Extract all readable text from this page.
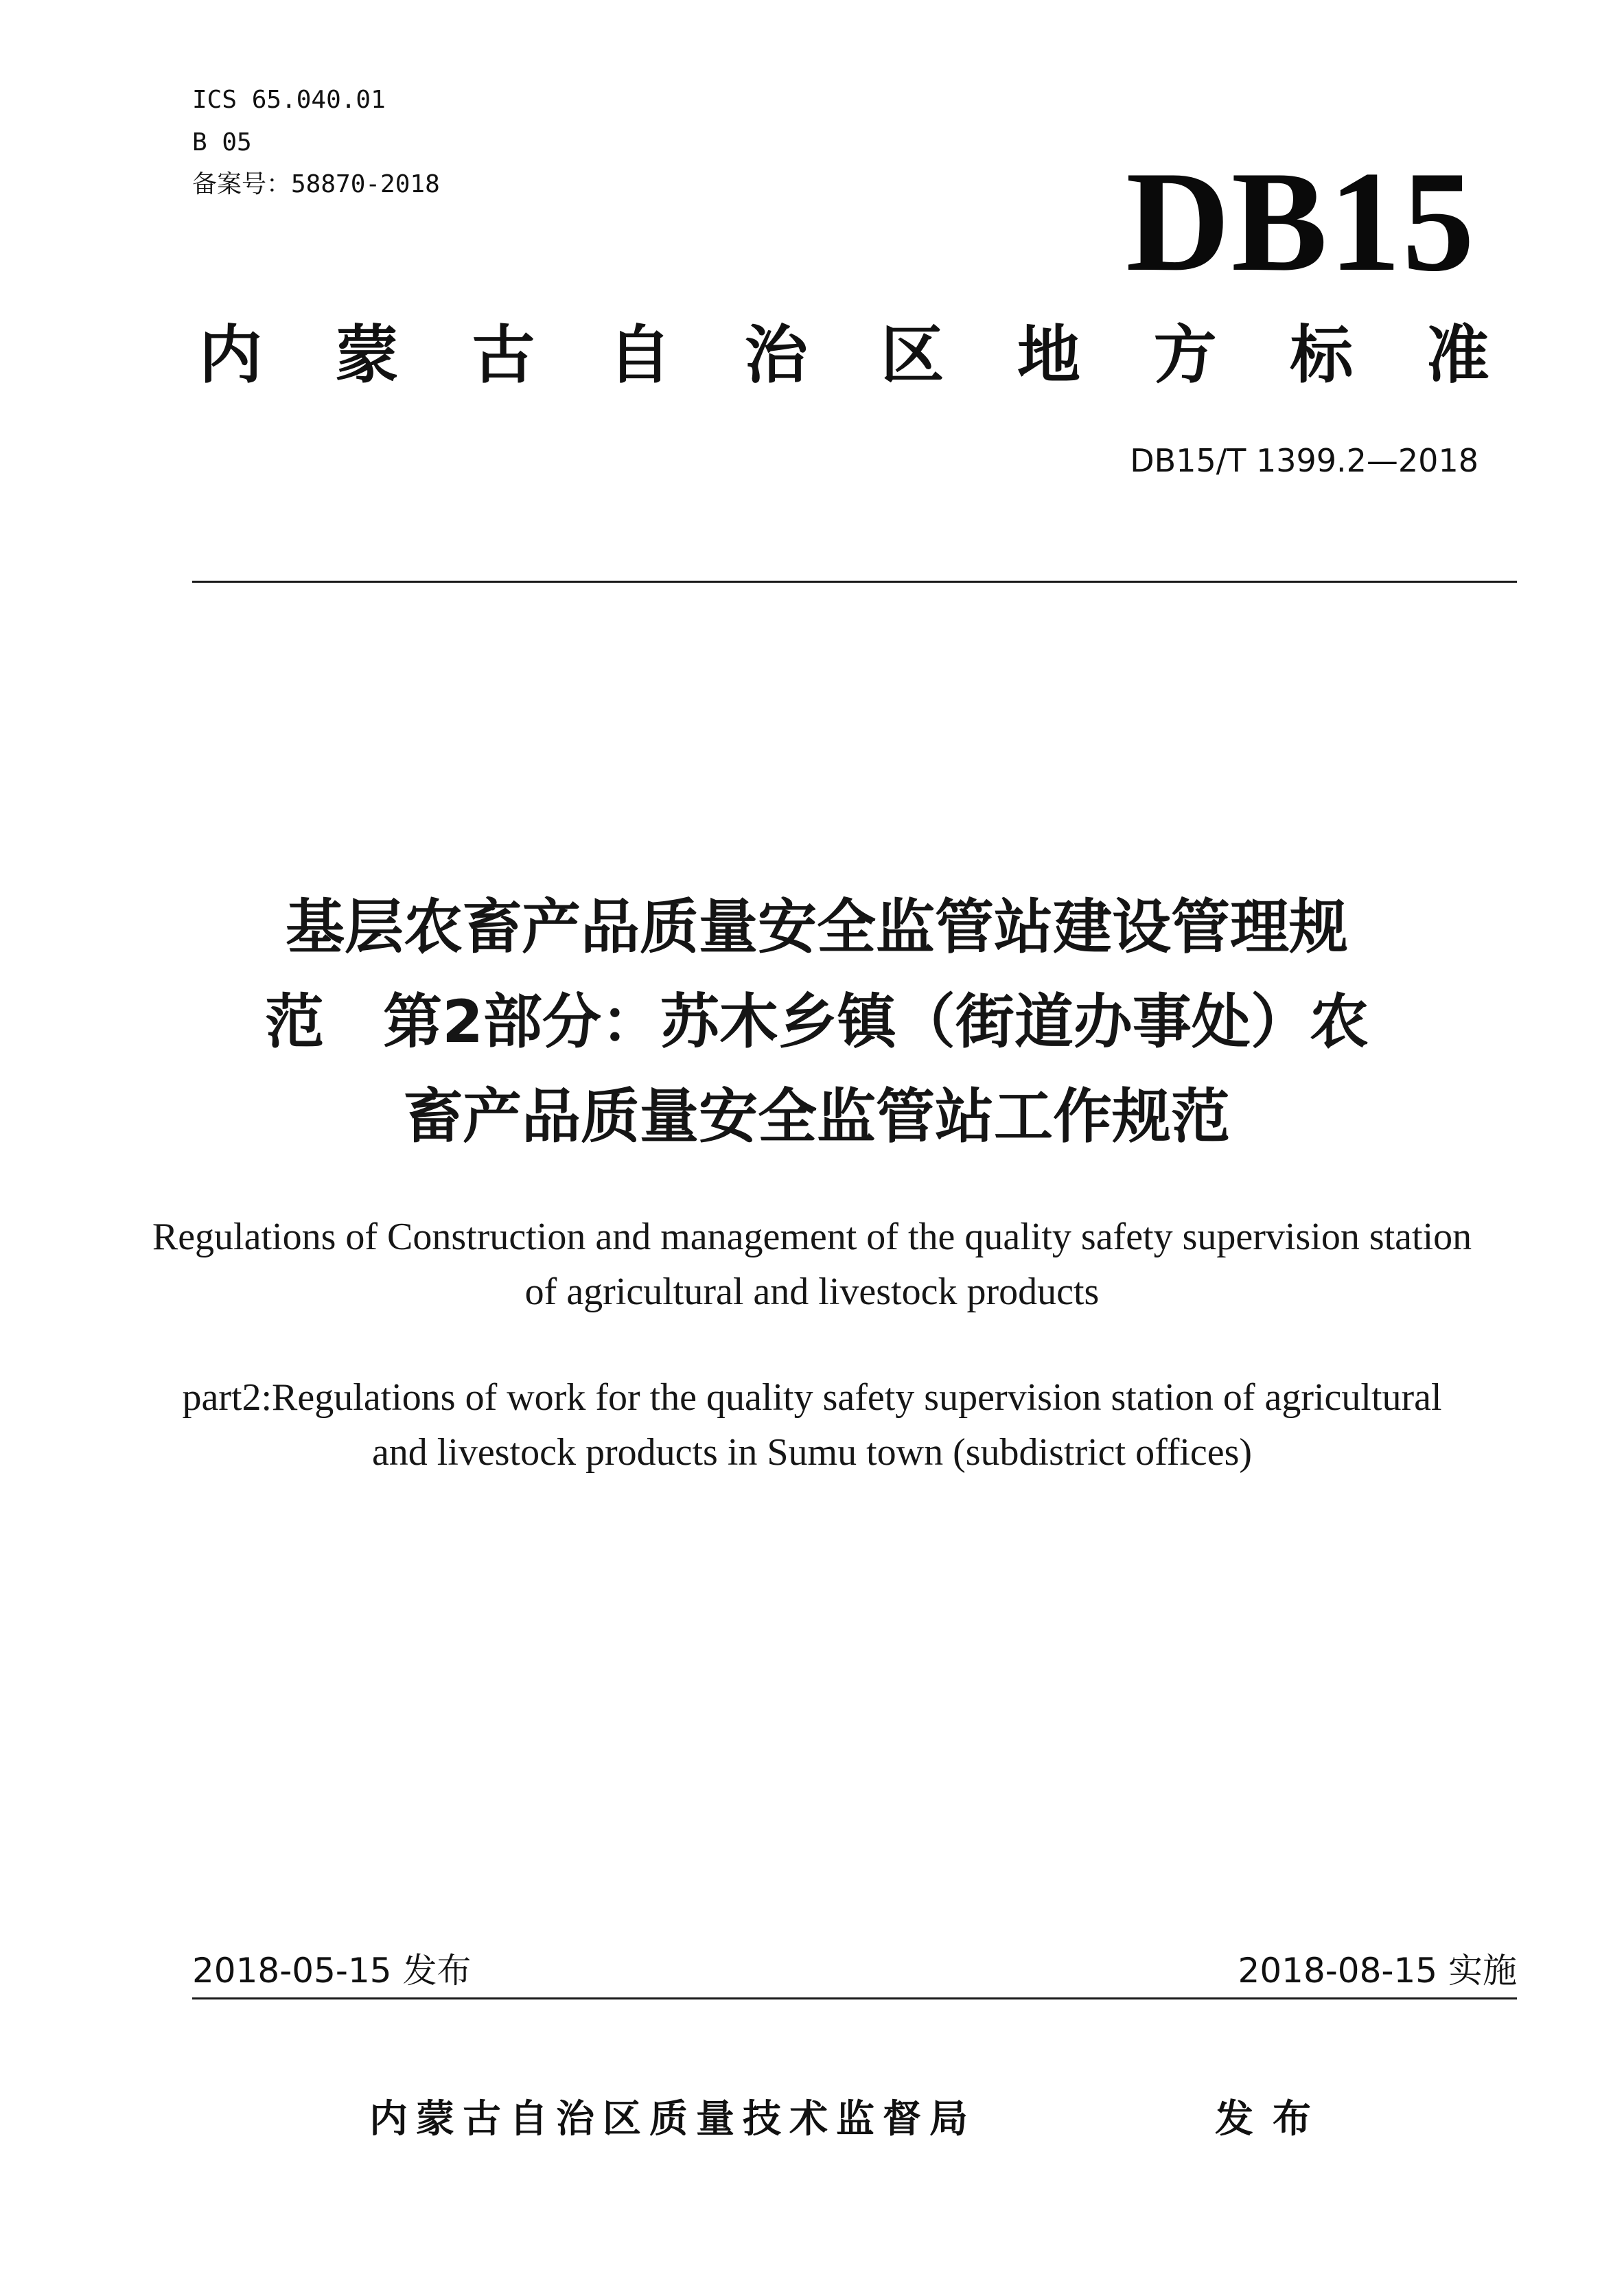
ICS 65.040.01
B 05
备案号：58870-2018	DB15
内 蒙 古 自 治 区 地 方 标 准
DB15/T 1399.2—2018
基层农畜产品质量安全监管站建设管理规
范　第2部分：苏木乡镇（街道办事处）农
畜产品质量安全监管站工作规范
Regulations of Construction and management of the quality safety supervision station
of agricultural and livestock products
part2:Regulations of work for the quality safety supervision station of agricultural
and livestock products in Sumu town (subdistrict offices)
2018-05-15 发布	2018-08-15 实施
内蒙古自治区质量技术监督局	发布
